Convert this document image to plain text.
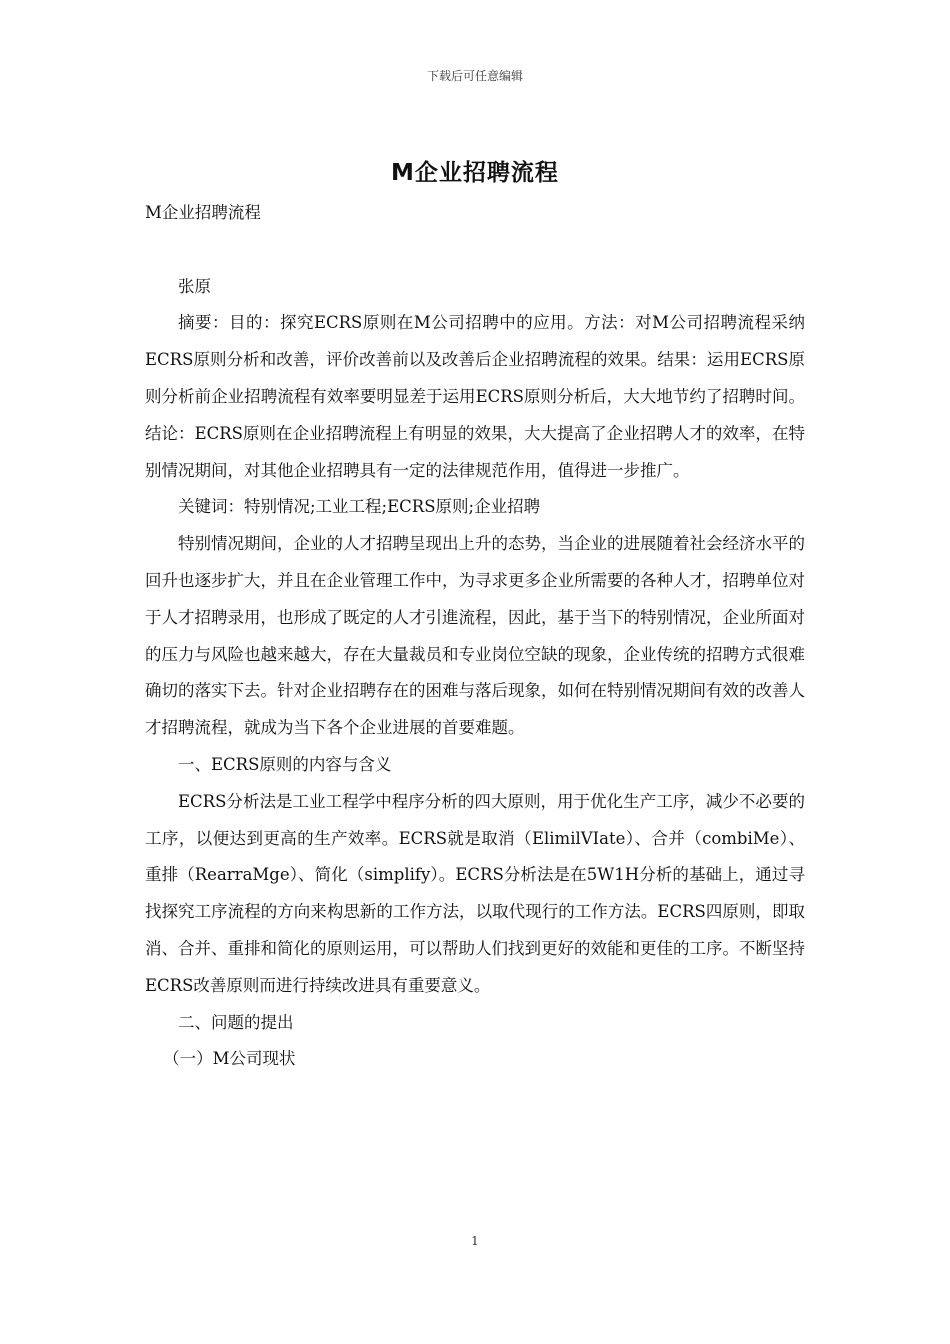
下载后可任意编辑
M企业招聘流程

M企业招聘流程

张原

摘要：目的：探究ECRS原则在M公司招聘中的应用。方法：对M公司招聘流程采纳ECRS原则分析和改善，评价改善前以及改善后企业招聘流程的效果。结果：运用ECRS原则分析前企业招聘流程有效率要明显差于运用ECRS原则分析后，大大地节约了招聘时间。结论：ECRS原则在企业招聘流程上有明显的效果，大大提高了企业招聘人才的效率，在特别情况期间，对其他企业招聘具有一定的法律规范作用，值得进一步推广。

关键词：特别情况;工业工程;ECRS原则;企业招聘

特别情况期间，企业的人才招聘呈现出上升的态势，当企业的进展随着社会经济水平的回升也逐步扩大，并且在企业管理工作中，为寻求更多企业所需要的各种人才，招聘单位对于人才招聘录用，也形成了既定的人才引進流程，因此，基于当下的特别情况，企业所面对的压力与风险也越来越大，存在大量裁员和专业岗位空缺的现象，企业传统的招聘方式很难确切的落实下去。针对企业招聘存在的困难与落后现象，如何在特别情况期间有效的改善人才招聘流程，就成为当下各个企业进展的首要难题。

一、ECRS原则的内容与含义

ECRS分析法是工业工程学中程序分析的四大原则，用于优化生产工序，减少不必要的工序，以便达到更高的生产效率。ECRS就是取消（ElimilVIate）、合并（combiMe）、重排（RearraMge）、简化（simplify）。ECRS分析法是在5W1H分析的基础上，通过寻找探究工序流程的方向来构思新的工作方法，以取代现行的工作方法。ECRS四原则，即取消、合并、重排和简化的原则运用，可以帮助人们找到更好的效能和更佳的工序。不断坚持ECRS改善原则而进行持续改进具有重要意义。

二、问题的提出

（一）M公司现状

1
